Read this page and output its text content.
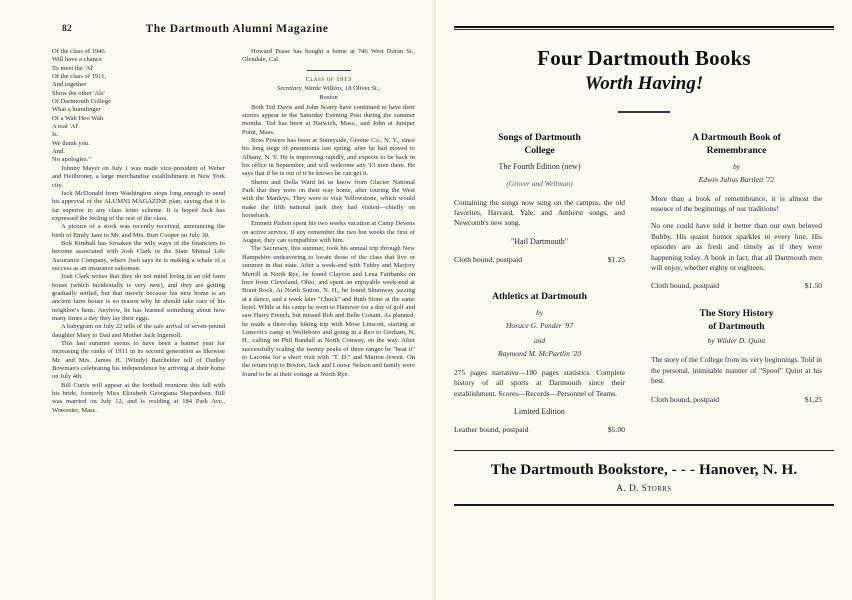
82	The Dartmouth Alumni Magazine
Of the class of 1946
Will have a chance
To meet the 'Al'
Of the class of 1911,
And together
Show the other 'Als'
Of Dartmouth College
What a humdinger
Of a Wah Hoo Wah
A real 'Al'
Is.
We thank you.
And.
No apologies."

Johnny Mayer on July 1 was made vice-president of Weber and Heilbroner, a large merchandise establishment in New York city.

Jack McDonald from Washington stops long enough to send his approval of the ALUMNI MAGAZINE plan, saying that it is far superior to any class letter scheme. It is hoped Jack has expressed the feeling of the rest of the class.

A picture of a stork was recently received, announcing the birth of Emily Jane to Mr. and Mrs. Burt Cooper on July 30.

Bob Kimball has forsaken the wily ways of the financiers to become associated with Josh Clark in the State Mutual Life Assurance Company, where Josh says he is making a whale of a success as an insurance salesman.

Josh Clark writes that they do not mind living in an old farm house (which incidentally is very new), and they are getting gradually settled, but that merely because his new home is an ancient farm house is no reason why he should take care of his neighbor's hens. Anyhow, he has learned something about how many times a day they lay their eggs.

A babygram on July 22 tells of the safe arrival of seven-pound daughter Mary to Dad and Mother Jack Ingersoll.

This last summer seems to have been a banner year for increasing the ranks of 1911 in its second generation as likewise Mr. and Mrs. James H. (Windy) Batchelder tell of Dudley Bowman's celebrating his independence by arriving at their home on July 4th.

Bill Curtis will appear at the football reunions this fall with his bride, formerly Miss Elizabeth Georgiana Shepardson. Bill was married on July 12, and is residing at 184 Park Ave., Worcester, Mass.

Howard Pease has bought a home at 746 West Doran St., Glendale, Cal.

Class of 1913
Secretary, Warde Wilkins, 18 Oliver St.,
Boston

Both Ted Davis and John Scarry have continued to have their stories appear in the Saturday Evening Post during the summer months. Ted has been at Harwich, Mass., and John at Juniper Point, Mass.

Ross Powers has been at Sunnyside, Greene Co., N. Y., since his long siege of pneumonia last spring, after he had moved to Albany, N. Y. He is improving rapidly, and expects to be back in his office in September, and will welcome any '13 men there. He says that if he is out of it he knows he can get it.

Sherm and Della Ward let us know from Glacier National Park that they were on their way home, after touring the West with the Manleys. They were to visit Yellowstone, which would make the fifth national park they had visited—chiefly on horseback.

Emmett Pishon spent his two weeks vacation at Camp Devens on active service. If any remember the two hot weeks the first of August, they can sympathize with him.

The Secretary, this summer, took his annual trip through New Hampshire endeavoring to locate those of the class that live or summer in that state. After a week-end with Tubby and Marjory Merrill at North Rye, he found Clayton and Lena Fairbanks on here from Cleveland, Ohio, and spent an enjoyable week-end at Brant Rock. At North Sutton, N. H., he found Shumway jazzing at a dance, and a week later "Chuck" and Ruth Stone at the same hotel. While at his camp he went to Hanover for a day of golf and saw Harry French, but missed Bob and Belle Conant. As planned, he made a three-day hiking trip with Mose Linscott, starting at Linscott's camp at Wolfeboro and going in a Reo to Gorham, N. H., calling on Phil Randall at North Conway, on the way. After successfully scaling the twenty peaks of three ranges he "beat it" to Laconia for a short visit with "T. D." and Marion Jewett. On the return trip to Boston, Jack and Louise Nelson and family were found to be at their cottage at North Rye.

Four Dartmouth Books
Worth Having!
Songs of Dartmouth
College
The Fourth Edition (new)
(Grover and Wellman)

Containing the songs now sung on the campus, the old favorites, Harvard, Yale, and Amherst songs, and Newcomb's new song.

"Hail Dartmouth"
Cloth bound, postpaid	$1.25
Athletics at Dartmouth
by
Horace G. Pender '97
and
Raymond M. McPartlin '20

275 pages narrative—100 pages statistics. Complete history of all sports at Dartmouth since their establishment. Scores—Records—Personnel of Teams.

Limited Edition
Leather bound, postpaid	$5.00
A Dartmouth Book of
Remembrance
by
Edwin Julius Bartlett '72

More than a book of remembrance, it is almost the essence of the beginnings of our traditions!

No one could have told it better than our own beloved Bubby. His quaint humor sparkles in every line. His episodes are as fresh and timely as if they were happening today. A book in fact, that all Dartmouth men will enjoy, whether eighty or eighteen.

Cloth bound, postpaid	$1.50
The Story History
of Dartmouth
by Wilder D. Quint

The story of the College from its very beginnings. Told in the personal, inimitable manner of "Spoof" Quint at his best.

Cloth bound, postpaid	$1.25
The Dartmouth Bookstore, - - - Hanover, N. H.
A. D. Storrs
